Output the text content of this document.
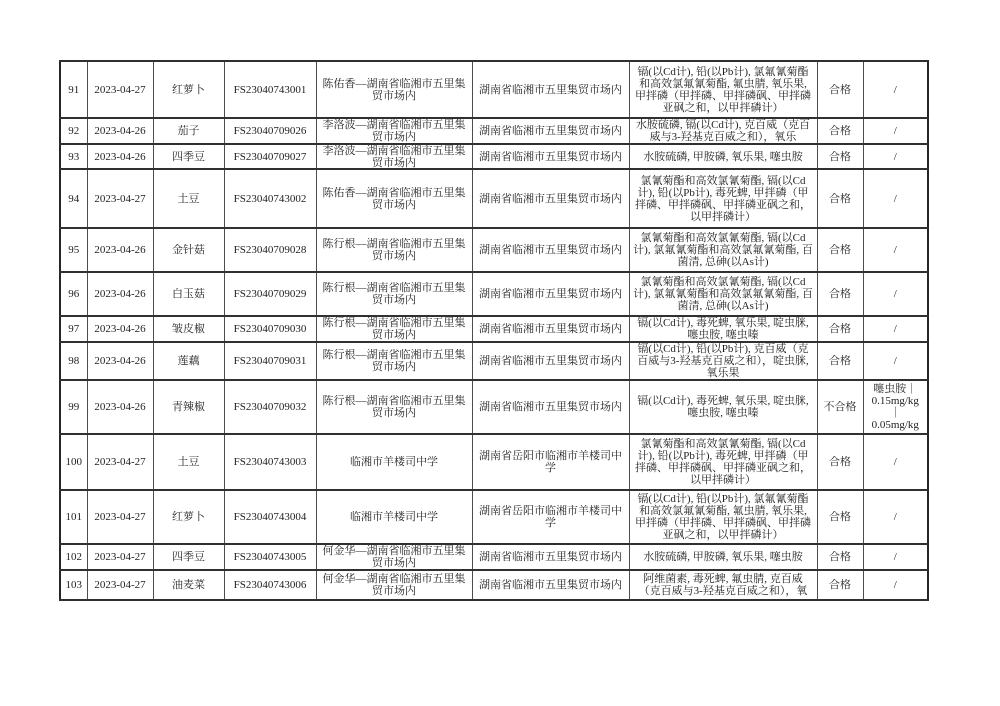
91	2023-04-27	红萝卜	FS23040743001	陈佑香—湖南省临湘市五里集贸市场内	湖南省临湘市五里集贸市场内	镉(以Cd计), 铅(以Pb计), 氯氟氰菊酯和高效氯氟氰菊酯, 氟虫腈, 氧乐果, 甲拌磷（甲拌磷、甲拌磷砜、甲拌磷亚砜之和，以甲拌磷计）	合格	/

92	2023-04-26	茄子	FS23040709026	李洛波—湖南省临湘市五里集贸市场内	湖南省临湘市五里集贸市场内	水胺硫磷, 镉(以Cd计), 克百威（克百威与3-羟基克百威之和），氧乐	合格	/

93	2023-04-26	四季豆	FS23040709027	李洛波—湖南省临湘市五里集贸市场内	湖南省临湘市五里集贸市场内	水胺硫磷, 甲胺磷, 氧乐果, 噻虫胺	合格	/

94	2023-04-27	土豆	FS23040743002	陈佑香—湖南省临湘市五里集贸市场内	湖南省临湘市五里集贸市场内	氯氰菊酯和高效氯氰菊酯, 镉(以Cd计), 铅(以Pb计), 毒死蜱, 甲拌磷（甲拌磷、甲拌磷砜、甲拌磷亚砜之和，以甲拌磷计）	合格	/

95	2023-04-26	金针菇	FS23040709028	陈行根—湖南省临湘市五里集贸市场内	湖南省临湘市五里集贸市场内	氯氰菊酯和高效氯氰菊酯, 镉(以Cd计), 氯氟氰菊酯和高效氯氟氰菊酯, 百菌清, 总砷(以As计)	合格	/

96	2023-04-26	白玉菇	FS23040709029	陈行根—湖南省临湘市五里集贸市场内	湖南省临湘市五里集贸市场内	氯氰菊酯和高效氯氰菊酯, 镉(以Cd计), 氯氟氰菊酯和高效氯氟氰菊酯, 百菌清, 总砷(以As计)	合格	/

97	2023-04-26	皱皮椒	FS23040709030	陈行根—湖南省临湘市五里集贸市场内	湖南省临湘市五里集贸市场内	镉(以Cd计), 毒死蜱, 氧乐果, 啶虫脒, 噻虫胺, 噻虫嗪	合格	/

98	2023-04-26	莲藕	FS23040709031	陈行根—湖南省临湘市五里集贸市场内	湖南省临湘市五里集贸市场内	镉(以Cd计), 铅(以Pb计), 克百威（克百威与3-羟基克百威之和），啶虫脒, 氧乐果	合格	/

99	2023-04-26	青辣椒	FS23040709032	陈行根—湖南省临湘市五里集贸市场内	湖南省临湘市五里集贸市场内	镉(以Cd计), 毒死蜱, 氧乐果, 啶虫脒, 噻虫胺, 噻虫嗪	不合格	噻虫胺｜0.15mg/kg｜0.05mg/kg

100	2023-04-27	土豆	FS23040743003	临湘市羊楼司中学	湖南省岳阳市临湘市羊楼司中学	氯氰菊酯和高效氯氰菊酯, 镉(以Cd计), 铅(以Pb计), 毒死蜱, 甲拌磷（甲拌磷、甲拌磷砜、甲拌磷亚砜之和，以甲拌磷计）	合格	/

101	2023-04-27	红萝卜	FS23040743004	临湘市羊楼司中学	湖南省岳阳市临湘市羊楼司中学	镉(以Cd计), 铅(以Pb计), 氯氟氰菊酯和高效氯氟氰菊酯, 氟虫腈, 氧乐果, 甲拌磷（甲拌磷、甲拌磷砜、甲拌磷亚砜之和，以甲拌磷计）	合格	/

102	2023-04-27	四季豆	FS23040743005	何金华—湖南省临湘市五里集贸市场内	湖南省临湘市五里集贸市场内	水胺硫磷, 甲胺磷, 氧乐果, 噻虫胺	合格	/

103	2023-04-27	油麦菜	FS23040743006	何金华—湖南省临湘市五里集贸市场内	湖南省临湘市五里集贸市场内	阿维菌素, 毒死蜱, 氟虫腈, 克百威（克百威与3-羟基克百威之和），氧	合格	/
